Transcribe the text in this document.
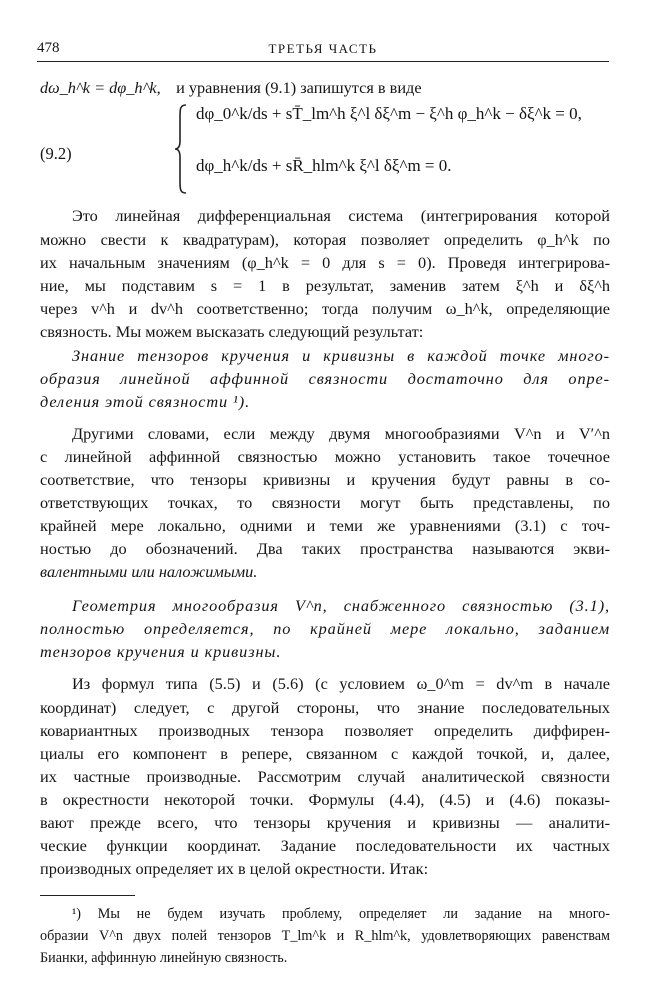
478	ТРЕТЬЯ ЧАСТЬ
dω_h^k = dφ_h^k, и уравнения (9.1) запишутся в виде
(9.2)
dφ_0^k/ds + sT̄_lm^h ξ^l δξ^m − ξ^h φ_h^k − δξ^k = 0,
dφ_h^k/ds + sR̄_hlm^k ξ^l δξ^m = 0.
Это линейная дифференциальная система (интегрирования которой
можно свести к квадратурам), которая позволяет определить φ_h^k по
их начальным значениям (φ_h^k = 0 для s = 0). Проведя интегрирова-
ние, мы подставим s = 1 в результат, заменив затем ξ^h и δξ^h
через v^h и dv^h соответственно; тогда получим ω_h^k, определяющие
связность. Мы можем высказать следующий результат:
Знание тензоров кручения и кривизны в каждой точке много-
образия линейной аффинной связности достаточно для опре-
деления этой связности ¹).
Другими словами, если между двумя многообразиями V^n и V′^n
с линейной аффинной связностью можно установить такое точечное
соответствие, что тензоры кривизны и кручения будут равны в со-
ответствующих точках, то связности могут быть представлены, по
крайней мере локально, одними и теми же уравнениями (3.1) с точ-
ностью до обозначений. Два таких пространства называются экви-
валентными или наложимыми.
Геометрия многообразия V^n, снабженного связностью (3.1),
полностью определяется, по крайней мере локально, заданием
тензоров кручения и кривизны.
Из формул типа (5.5) и (5.6) (с условием ω_0^m = dv^m в начале
координат) следует, с другой стороны, что знание последовательных
ковариантных производных тензора позволяет определить диффирен-
циалы его компонент в репере, связанном с каждой точкой, и, далее,
их частные производные. Рассмотрим случай аналитической связности
в окрестности некоторой точки. Формулы (4.4), (4.5) и (4.6) показы-
вают прежде всего, что тензоры кручения и кривизны — аналити-
ческие функции координат. Задание последовательности их частных
производных определяет их в целой окрестности. Итак:
¹) Мы не будем изучать проблему, определяет ли задание на много-
образии V^n двух полей тензоров T_lm^k и R_hlm^k, удовлетворяющих равенствам
Бианки, аффинную линейную связность.
